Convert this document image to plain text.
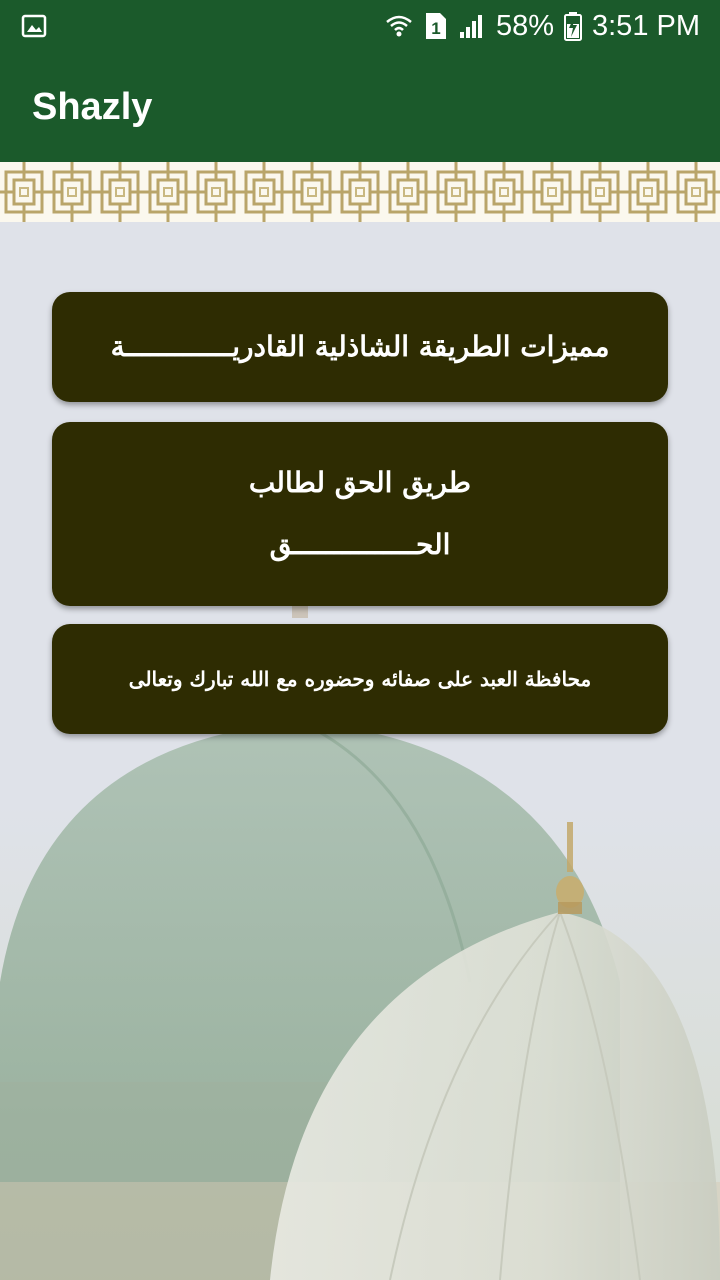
1 58% 3:51 PM
Shazly
مميزات الطريقة الشاذلية القادريـــــــــــــة
طريق الحق لطالب
الحـــــــــــــــق
محافظة العبد على صفائه وحضوره مع الله تبارك وتعالى
